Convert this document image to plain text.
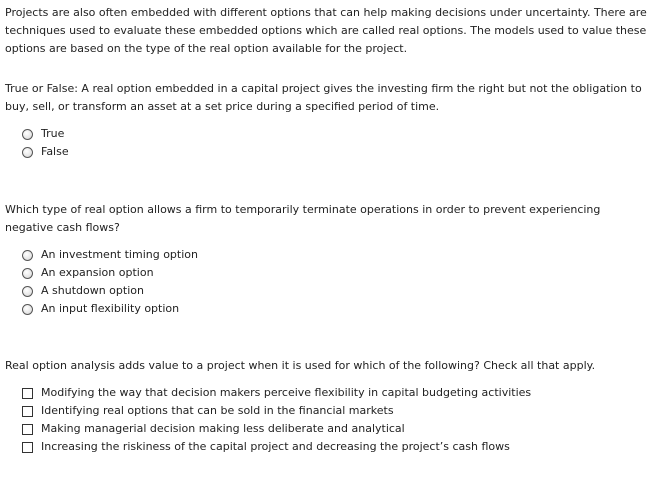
Projects are also often embedded with different options that can help making decisions under uncertainty. There are techniques used to evaluate these embedded options which are called real options. The models used to value these options are based on the type of the real option available for the project.

True or False: A real option embedded in a capital project gives the investing firm the right but not the obligation to buy, sell, or transform an asset at a set price during a specified period of time.

True
False

Which type of real option allows a firm to temporarily terminate operations in order to prevent experiencing negative cash flows?

An investment timing option
An expansion option
A shutdown option
An input flexibility option

Real option analysis adds value to a project when it is used for which of the following? Check all that apply.

Modifying the way that decision makers perceive flexibility in capital budgeting activities
Identifying real options that can be sold in the financial markets
Making managerial decision making less deliberate and analytical
Increasing the riskiness of the capital project and decreasing the project’s cash flows
